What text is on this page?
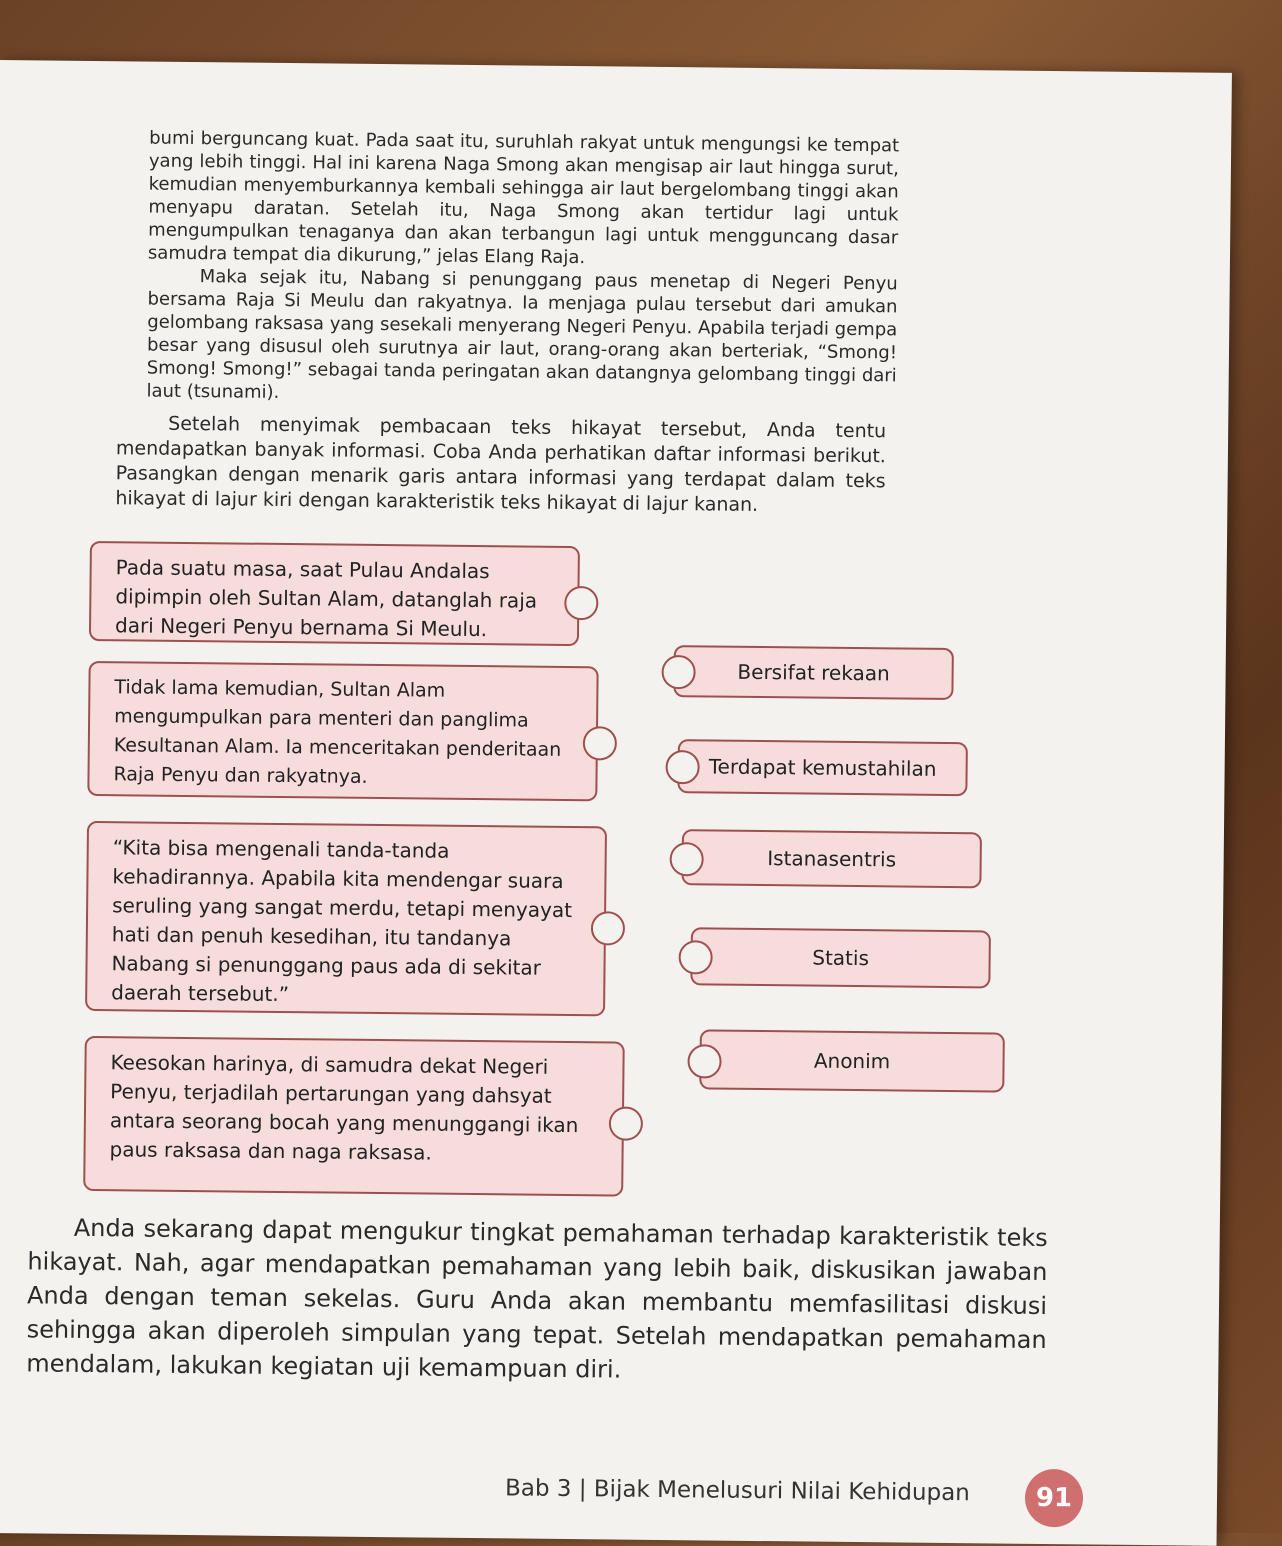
bumi berguncang kuat. Pada saat itu, suruhlah rakyat untuk mengungsi ke tempat yang lebih tinggi. Hal ini karena Naga Smong akan mengisap air laut hingga surut, kemudian menyemburkannya kembali sehingga air laut bergelombang tinggi akan menyapu daratan. Setelah itu, Naga Smong akan tertidur lagi untuk mengumpulkan tenaganya dan akan terbangun lagi untuk mengguncang dasar samudra tempat dia dikurung,” jelas Elang Raja.

Maka sejak itu, Nabang si penunggang paus menetap di Negeri Penyu bersama Raja Si Meulu dan rakyatnya. Ia menjaga pulau tersebut dari amukan gelombang raksasa yang sesekali menyerang Negeri Penyu. Apabila terjadi gempa besar yang disusul oleh surutnya air laut, orang-orang akan berteriak, “Smong! Smong! Smong!” sebagai tanda peringatan akan datangnya gelombang tinggi dari laut (tsunami).

Setelah menyimak pembacaan teks hikayat tersebut, Anda tentu mendapatkan banyak informasi. Coba Anda perhatikan daftar informasi berikut. Pasangkan dengan menarik garis antara informasi yang terdapat dalam teks hikayat di lajur kiri dengan karakteristik teks hikayat di lajur kanan.

Pada suatu masa, saat Pulau Andalas dipimpin oleh Sultan Alam, datanglah raja dari Negeri Penyu bernama Si Meulu.

Tidak lama kemudian, Sultan Alam mengumpulkan para menteri dan panglima Kesultanan Alam. Ia menceritakan penderitaan Raja Penyu dan rakyatnya.

“Kita bisa mengenali tanda-tanda kehadirannya. Apabila kita mendengar suara seruling yang sangat merdu, tetapi menyayat hati dan penuh kesedihan, itu tandanya Nabang si penunggang paus ada di sekitar daerah tersebut.”

Keesokan harinya, di samudra dekat Negeri Penyu, terjadilah pertarungan yang dahsyat antara seorang bocah yang menunggangi ikan paus raksasa dan naga raksasa.

Bersifat rekaan
Terdapat kemustahilan
Istanasentris
Statis
Anonim

Anda sekarang dapat mengukur tingkat pemahaman terhadap karakteristik teks hikayat. Nah, agar mendapatkan pemahaman yang lebih baik, diskusikan jawaban Anda dengan teman sekelas. Guru Anda akan membantu memfasilitasi diskusi sehingga akan diperoleh simpulan yang tepat. Setelah mendapatkan pemahaman mendalam, lakukan kegiatan uji kemampuan diri.

Bab 3 | Bijak Menelusuri Nilai Kehidupan	91
